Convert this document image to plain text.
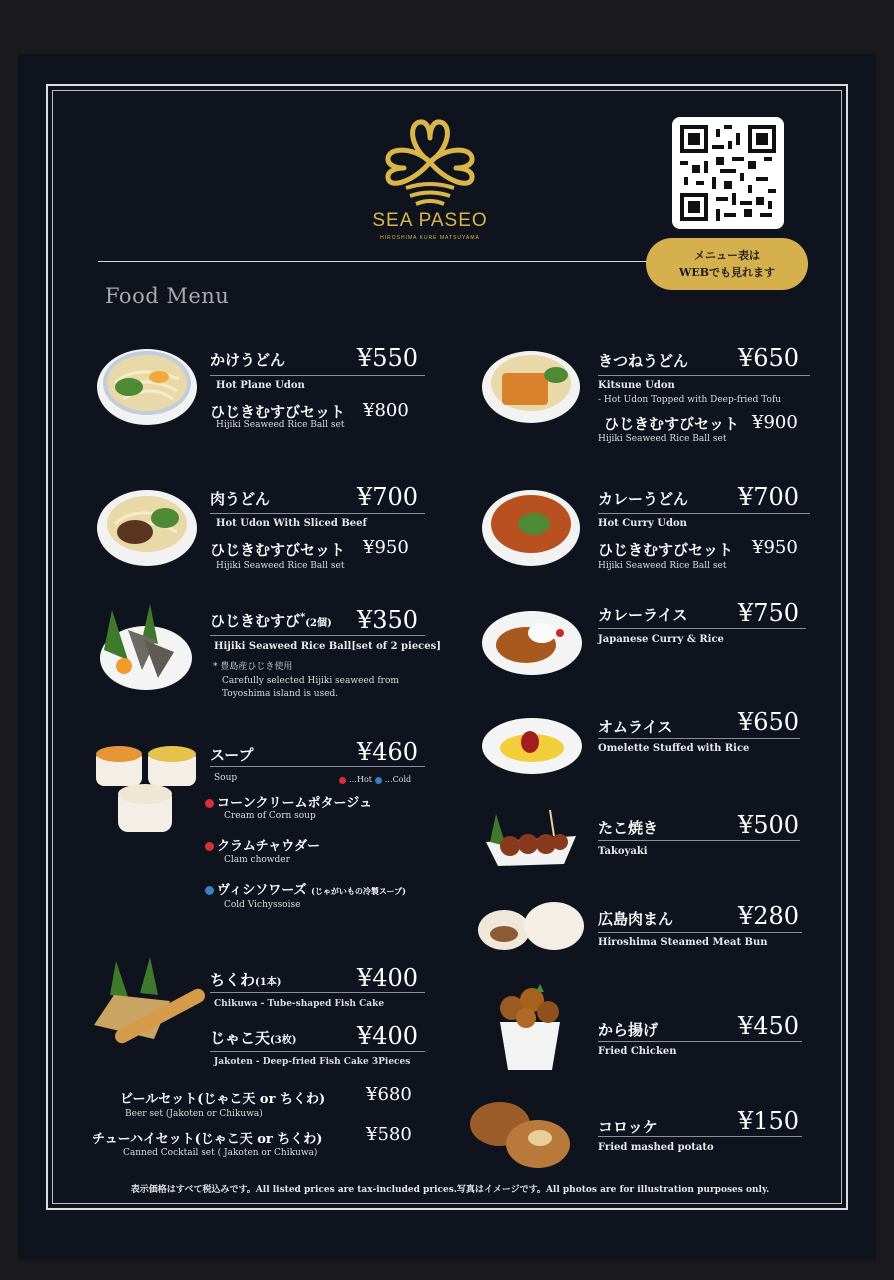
SEA PASEO
HIROSHIMA KURE MATSUYAMA
メニュー表は
WEBでも見れます
Food Menu
かけうどん	¥550
Hot Plane Udon
ひじきむすびセット ¥800
Hijiki Seaweed Rice Ball set
肉うどん	¥700
Hot Udon With Sliced Beef
ひじきむすびセット ¥950
Hijiki Seaweed Rice Ball set
ひじきむすび*(2個) ¥350
Hijiki Seaweed Rice Ball[set of 2 pieces]
* 豊島産ひじき使用
Carefully selected Hijiki seaweed from
Toyoshima island is used.
スープ	¥460
Soup	…Hot …Cold
コーンクリームポタージュ
Cream of Corn soup
クラムチャウダー
Clam chowder
ヴィシソワーズ (じゃがいもの冷製スープ)
Cold Vichyssoise
ちくわ(1本)	¥400
Chikuwa - Tube-shaped Fish Cake
じゃこ天(3枚)	¥400
Jakoten - Deep-fried Fish Cake 3Pieces
ビールセット(じゃこ天 or ちくわ) ¥680
Beer set (Jakoten or Chikuwa)
チューハイセット(じゃこ天 or ちくわ) ¥580
Canned Cocktail set ( Jakoten or Chikuwa)
きつねうどん ¥650
Kitsune Udon
- Hot Udon Topped with Deep-fried Tofu
ひじきむすびセット ¥900
Hijiki Seaweed Rice Ball set
カレーうどん ¥700
Hot Curry Udon
ひじきむすびセット ¥950
Hijiki Seaweed Rice Ball set
カレーライス ¥750
Japanese Curry & Rice
オムライス	¥650
Omelette Stuffed with Rice
たこ焼き	¥500
Takoyaki
広島肉まん	¥280
Hiroshima Steamed Meat Bun
から揚げ	¥450
Fried Chicken
コロッケ	¥150
Fried mashed potato
表示価格はすべて税込みです。All listed prices are tax-included prices.写真はイメージです。All photos are for illustration purposes only.
